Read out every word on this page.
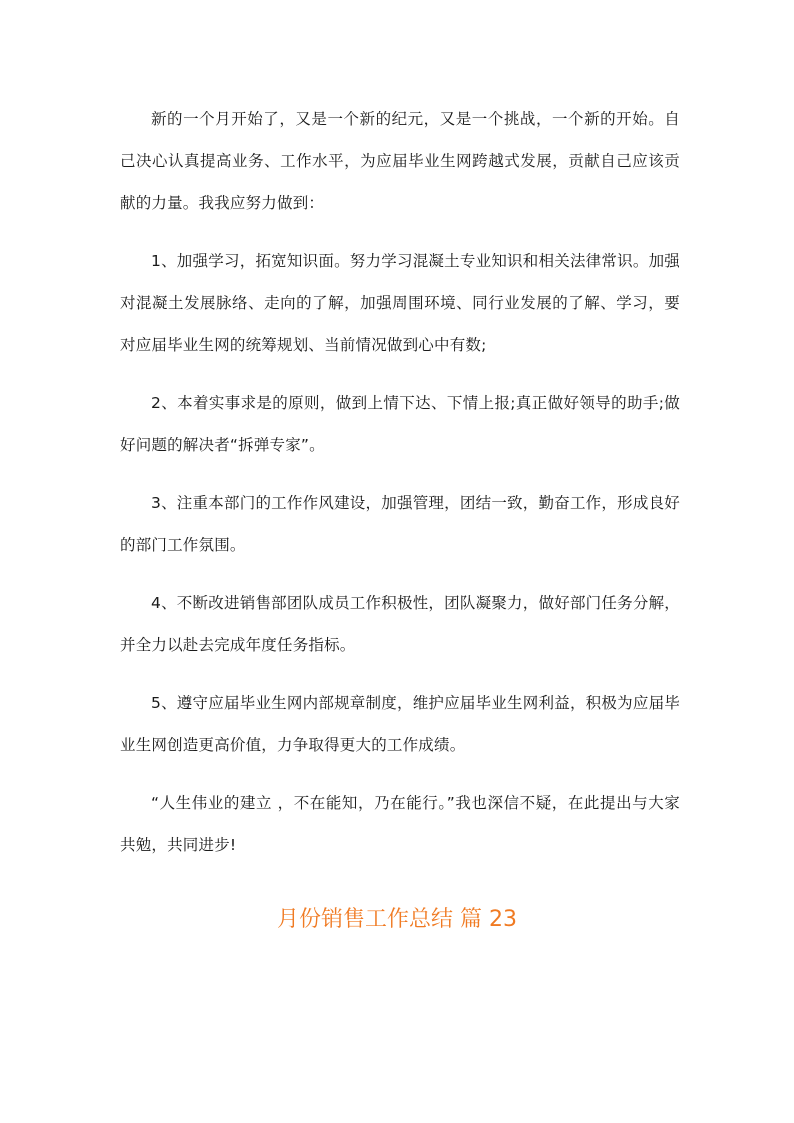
新的一个月开始了，又是一个新的纪元，又是一个挑战，一个新的开始。自己决心认真提高业务、工作水平，为应届毕业生网跨越式发展，贡献自己应该贡献的力量。我我应努力做到：

1、加强学习，拓宽知识面。努力学习混凝土专业知识和相关法律常识。加强对混凝土发展脉络、走向的了解，加强周围环境、同行业发展的了解、学习，要对应届毕业生网的统筹规划、当前情况做到心中有数;

2、本着实事求是的原则，做到上情下达、下情上报;真正做好领导的助手;做好问题的解决者“拆弹专家”。

3、注重本部门的工作作风建设，加强管理，团结一致，勤奋工作，形成良好的部门工作氛围。

4、不断改进销售部团队成员工作积极性，团队凝聚力，做好部门任务分解，并全力以赴去完成年度任务指标。

5、遵守应届毕业生网内部规章制度，维护应届毕业生网利益，积极为应届毕业生网创造更高价值，力争取得更大的工作成绩。

“人生伟业的建立 ，不在能知，乃在能行。”我也深信不疑，在此提出与大家共勉，共同进步!

月份销售工作总结 篇 23
